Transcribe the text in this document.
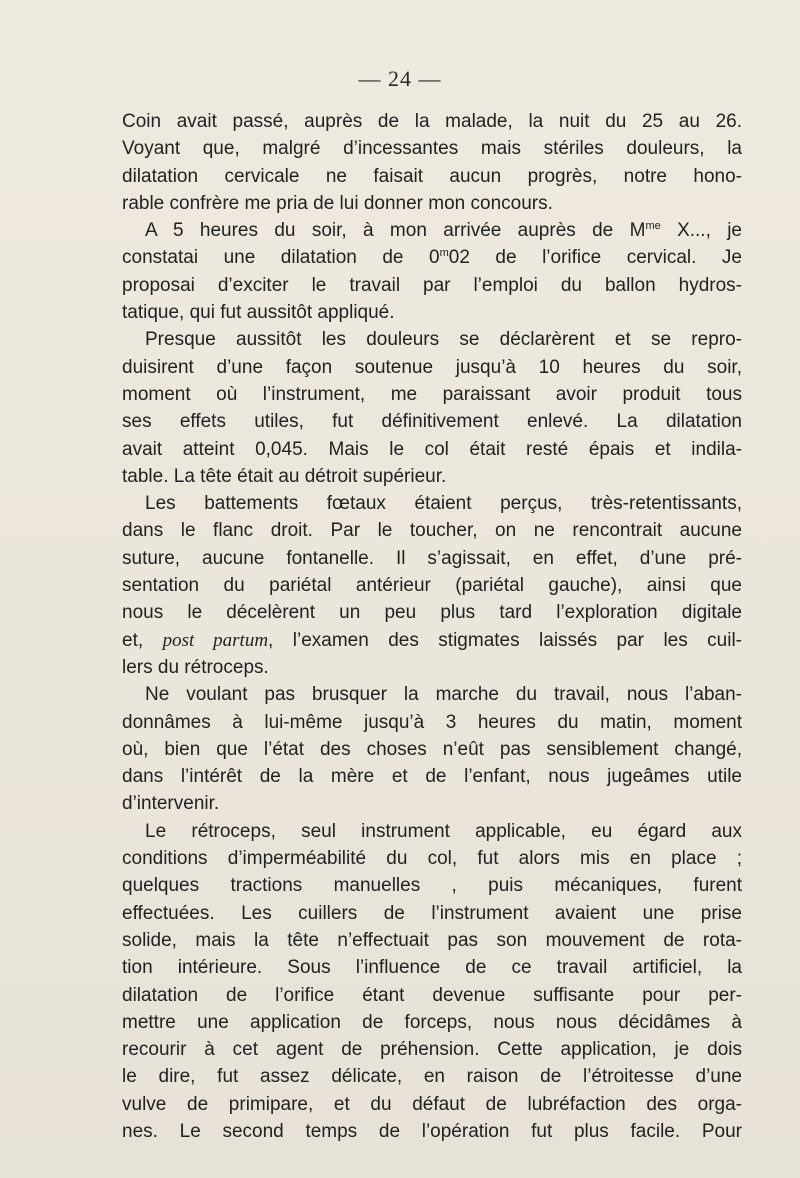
— 24 —
Coin avait passé, auprès de la malade, la nuit du 25 au 26.
Voyant que, malgré d’incessantes mais stériles douleurs, la
dilatation cervicale ne faisait aucun progrès, notre hono-
rable confrère me pria de lui donner mon concours.
A 5 heures du soir, à mon arrivée auprès de $M^{me}$ X..., je
constatai une dilatation de 0$^m$02 de l’orifice cervical. Je
proposai d’exciter le travail par l’emploi du ballon hydros-
tatique, qui fut aussitôt appliqué.
Presque aussitôt les douleurs se déclarèrent et se repro-
duisirent d’une façon soutenue jusqu’à 10 heures du soir,
moment où l’instrument, me paraissant avoir produit tous
ses effets utiles, fut définitivement enlevé. La dilatation
avait atteint 0,045. Mais le col était resté épais et indila-
table. La tête était au détroit supérieur.
Les battements fœtaux étaient perçus, très-retentissants,
dans le flanc droit. Par le toucher, on ne rencontrait aucune
suture, aucune fontanelle. Il s’agissait, en effet, d’une pré-
sentation du pariétal antérieur (pariétal gauche), ainsi que
nous le décelèrent un peu plus tard l’exploration digitale
et, post partum, l’examen des stigmates laissés par les cuil-
lers du rétroceps.
Ne voulant pas brusquer la marche du travail, nous l’aban-
donnâmes à lui-même jusqu’à 3 heures du matin, moment
où, bien que l’état des choses n’eût pas sensiblement changé,
dans l’intérêt de la mère et de l’enfant, nous jugeâmes utile
d’intervenir.
Le rétroceps, seul instrument applicable, eu égard aux
conditions d’imperméabilité du col, fut alors mis en place ;
quelques tractions manuelles , puis mécaniques, furent
effectuées. Les cuillers de l’instrument avaient une prise
solide, mais la tête n’effectuait pas son mouvement de rota-
tion intérieure. Sous l’influence de ce travail artificiel, la
dilatation de l’orifice étant devenue suffisante pour per-
mettre une application de forceps, nous nous décidâmes à
recourir à cet agent de préhension. Cette application, je dois
le dire, fut assez délicate, en raison de l’étroitesse d’une
vulve de primipare, et du défaut de lubréfaction des orga-
nes. Le second temps de l’opération fut plus facile. Pour
